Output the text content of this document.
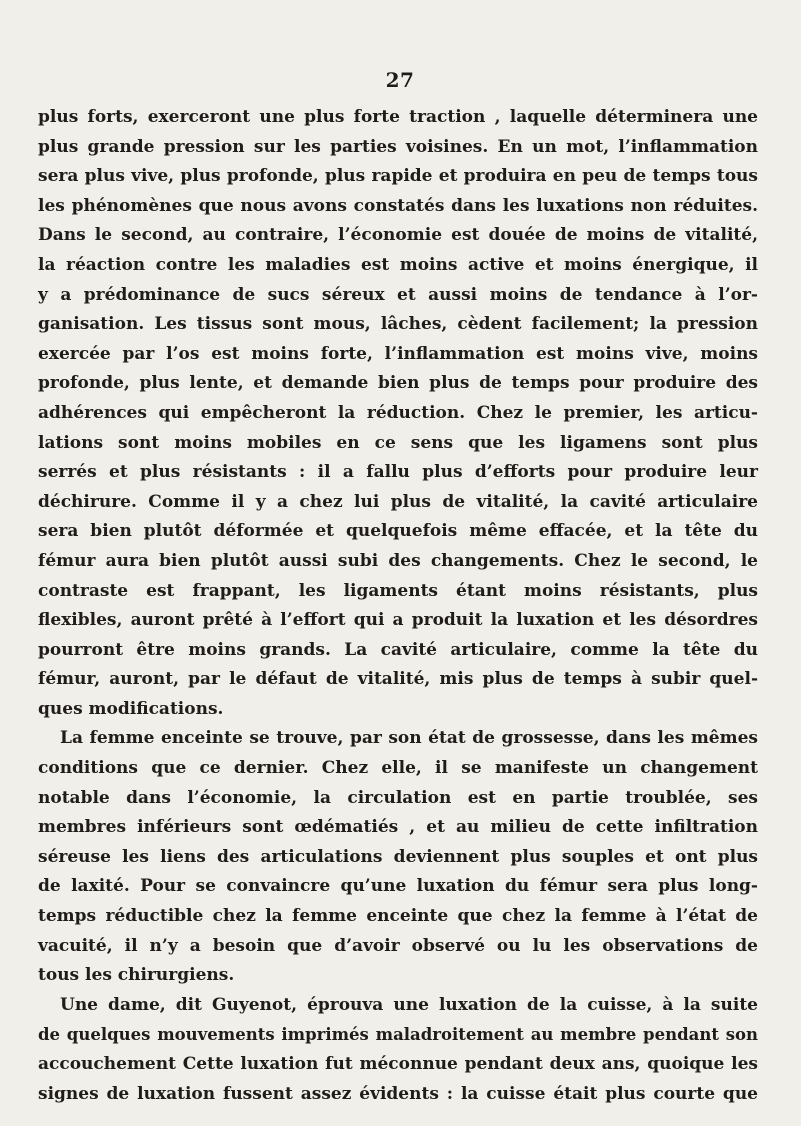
27
plus forts, exerceront une plus forte traction , laquelle déterminera une
plus grande pression sur les parties voisines. En un mot, l’inflammation
sera plus vive, plus profonde, plus rapide et produira en peu de temps tous
les phénomènes que nous avons constatés dans les luxations non réduites.
Dans le second, au contraire, l’économie est douée de moins de vitalité,
la réaction contre les maladies est moins active et moins énergique, il
y a prédominance de sucs séreux et aussi moins de tendance à l’or-
ganisation. Les tissus sont mous, lâches, cèdent facilement; la pression
exercée par l’os est moins forte, l’inflammation est moins vive, moins
profonde, plus lente, et demande bien plus de temps pour produire des
adhérences qui empêcheront la réduction. Chez le premier, les articu-
lations sont moins mobiles en ce sens que les ligamens sont plus
serrés et plus résistants : il a fallu plus d’efforts pour produire leur
déchirure. Comme il y a chez lui plus de vitalité, la cavité articulaire
sera bien plutôt déformée et quelquefois même effacée, et la tête du
fémur aura bien plutôt aussi subi des changements. Chez le second, le
contraste est frappant, les ligaments étant moins résistants, plus
flexibles, auront prêté à l’effort qui a produit la luxation et les désordres
pourront être moins grands. La cavité articulaire, comme la tête du
fémur, auront, par le défaut de vitalité, mis plus de temps à subir quel-
ques modifications.
La femme enceinte se trouve, par son état de grossesse, dans les mêmes
conditions que ce dernier. Chez elle, il se manifeste un changement
notable dans l’économie, la circulation est en partie troublée, ses
membres inférieurs sont œdématiés , et au milieu de cette infiltration
séreuse les liens des articulations deviennent plus souples et ont plus
de laxité. Pour se convaincre qu’une luxation du fémur sera plus long-
temps réductible chez la femme enceinte que chez la femme à l’état de
vacuité, il n’y a besoin que d’avoir observé ou lu les observations de
tous les chirurgiens.
Une dame, dit Guyenot, éprouva une luxation de la cuisse, à la suite
de quelques mouvements imprimés maladroitement au membre pendant son
accouchement Cette luxation fut méconnue pendant deux ans, quoique les
signes de luxation fussent assez évidents : la cuisse était plus courte que
